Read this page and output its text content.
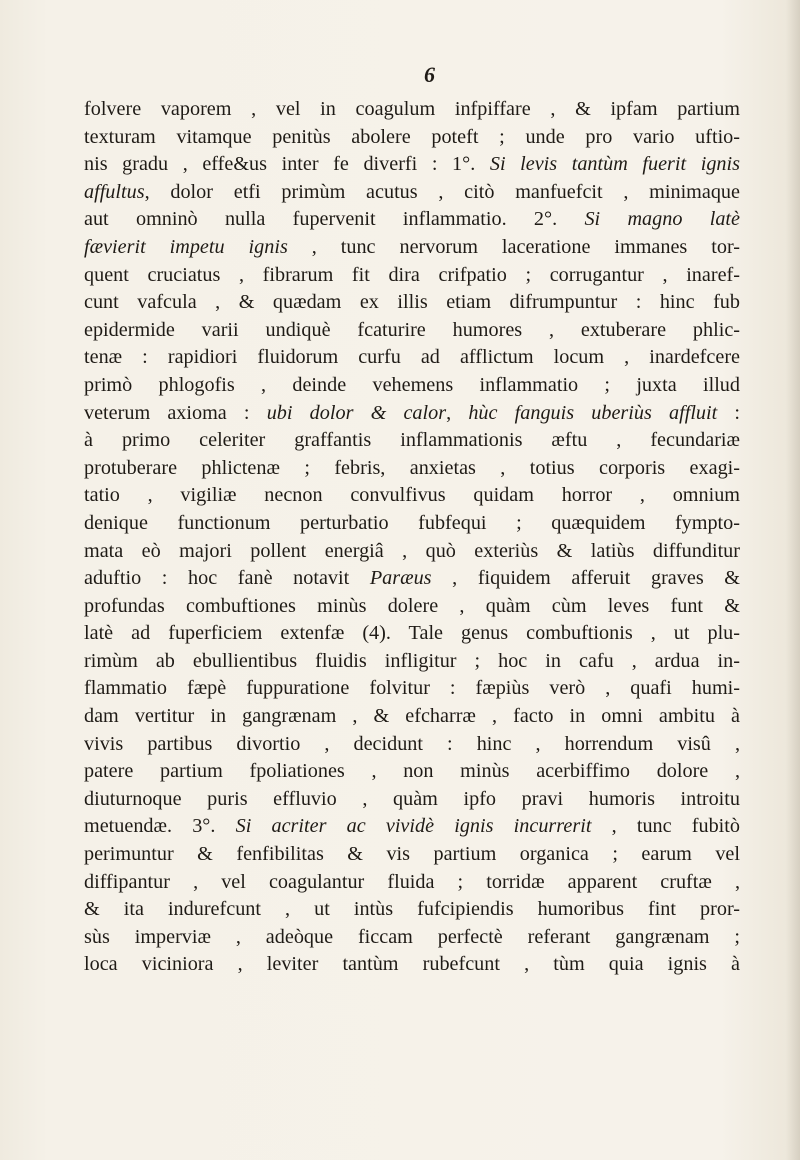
6
folvere vaporem , vel in coagulum infpiffare , & ipfam partium
texturam vitamque penitùs abolere poteft ; unde pro vario uftio-
nis gradu , effe&us inter fe diverfi : 1°. Si levis tantùm fuerit ignis
affultus, dolor etfi primùm acutus , citò manfuefcit , minimaque
aut omninò nulla fupervenit inflammatio. 2°. Si magno latè
fævierit impetu ignis , tunc nervorum laceratione immanes tor-
quent cruciatus , fibrarum fit dira crifpatio ; corrugantur , inaref-
cunt vafcula , & quædam ex illis etiam difrumpuntur : hinc fub
epidermide varii undiquè fcaturire humores , extuberare phlic-
tenæ : rapidiori fluidorum curfu ad afflictum locum , inardefcere
primò phlogofis , deinde vehemens inflammatio ; juxta illud
veterum axioma : ubi dolor & calor, hùc fanguis uberiùs affluit :
à primo celeriter graffantis inflammationis æftu , fecundariæ
protuberare phlictenæ ; febris, anxietas , totius corporis exagi-
tatio , vigiliæ necnon convulfivus quidam horror , omnium
denique functionum perturbatio fubfequi ; quæquidem fympto-
mata eò majori pollent energiâ , quò exteriùs & latiùs diffunditur
aduftio : hoc fanè notavit Paræus , fiquidem afferuit graves &
profundas combuftiones minùs dolere , quàm cùm leves funt &
latè ad fuperficiem extenfæ (4). Tale genus combuftionis , ut plu-
rimùm ab ebullientibus fluidis infligitur ; hoc in cafu , ardua in-
flammatio fæpè fuppuratione folvitur : fæpiùs verò , quafi humi-
dam vertitur in gangrænam , & efcharræ , facto in omni ambitu à
vivis partibus divortio , decidunt : hinc , horrendum visû ,
patere partium fpoliationes , non minùs acerbiffimo dolore ,
diuturnoque puris effluvio , quàm ipfo pravi humoris introitu
metuendæ. 3°. Si acriter ac vividè ignis incurrerit , tunc fubitò
perimuntur & fenfibilitas & vis partium organica ; earum vel
diffipantur , vel coagulantur fluida ; torridæ apparent cruftæ ,
& ita indurefcunt , ut intùs fufcipiendis humoribus fint pror-
sùs imperviæ , adeòque ficcam perfectè referant gangrænam ;
loca viciniora , leviter tantùm rubefcunt , tùm quia ignis à
